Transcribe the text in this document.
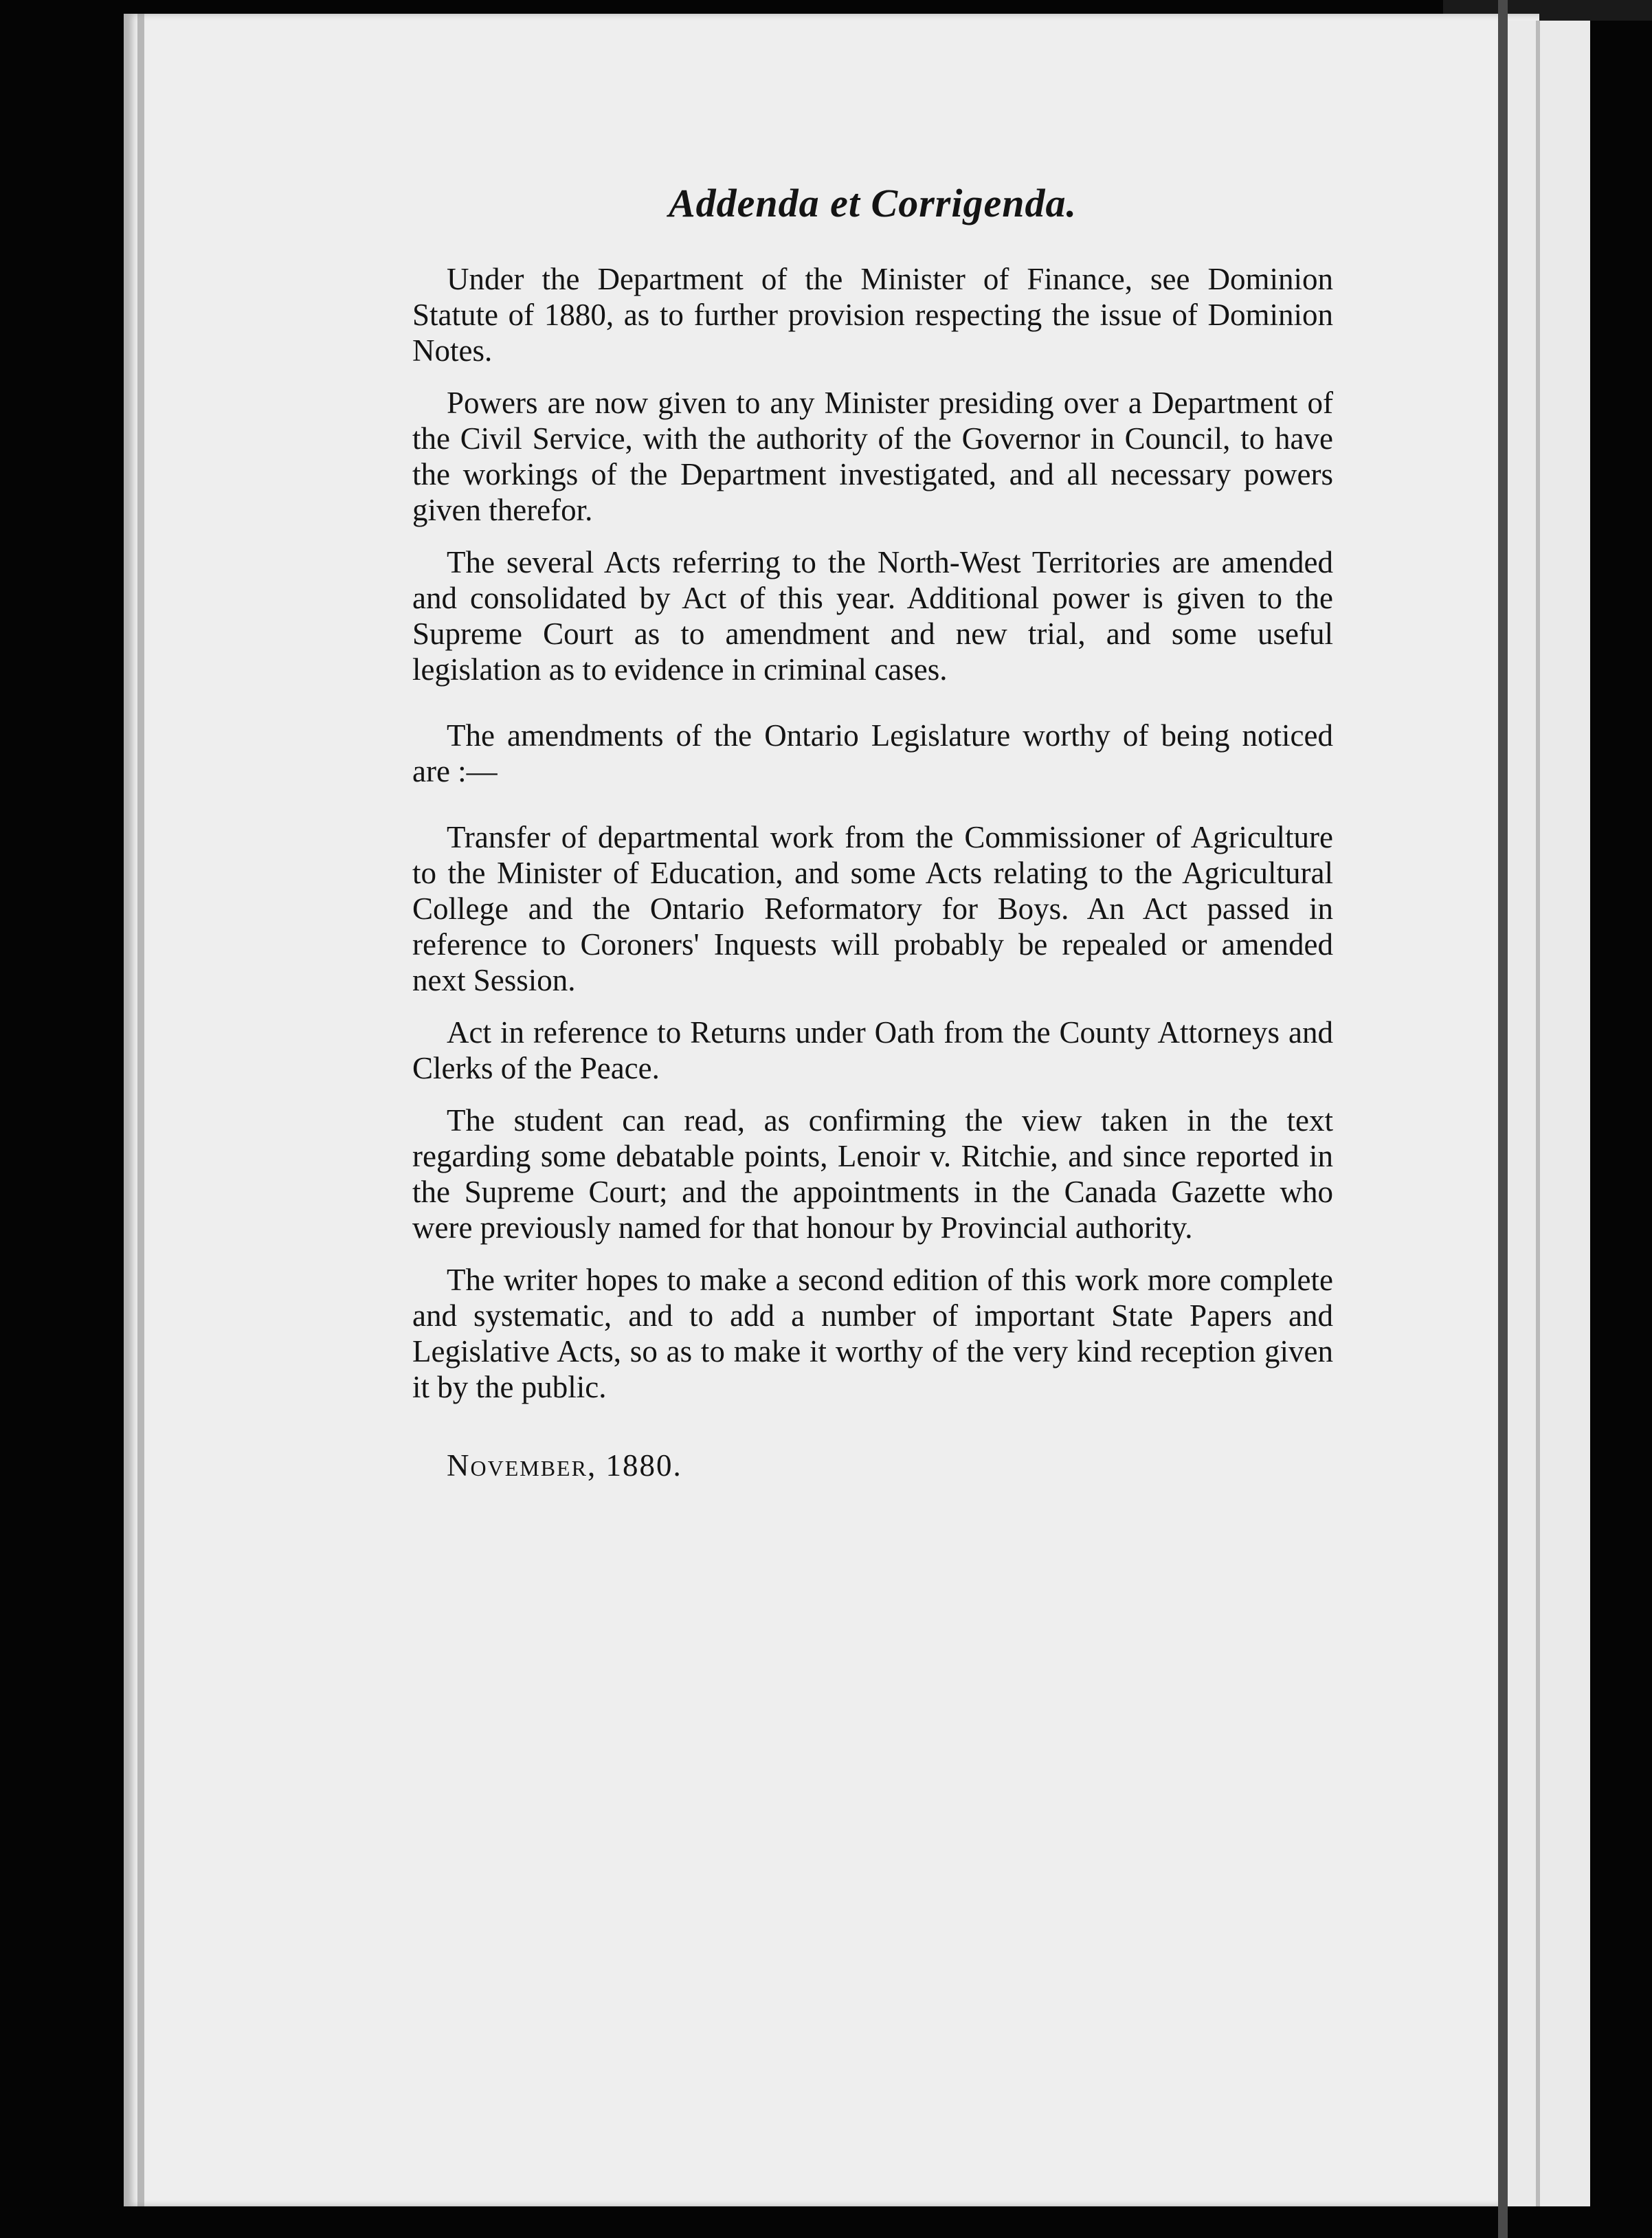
Addenda et Corrigenda.

Under the Department of the Minister of Finance, see Dominion Statute of 1880, as to further provision respecting the issue of Dominion Notes.

Powers are now given to any Minister presiding over a Department of the Civil Service, with the authority of the Governor in Council, to have the workings of the Department investigated, and all necessary powers given therefor.

The several Acts referring to the North-West Territories are amended and consolidated by Act of this year. Additional power is given to the Supreme Court as to amendment and new trial, and some useful legislation as to evidence in criminal cases.

The amendments of the Ontario Legislature worthy of being noticed are :—

Transfer of departmental work from the Commissioner of Agriculture to the Minister of Education, and some Acts relating to the Agricultural College and the Ontario Reformatory for Boys. An Act passed in reference to Coroners' Inquests will probably be repealed or amended next Session.

Act in reference to Returns under Oath from the County Attorneys and Clerks of the Peace.

The student can read, as confirming the view taken in the text regarding some debatable points, Lenoir v. Ritchie, and since reported in the Supreme Court; and the appointments in the Canada Gazette who were previously named for that honour by Provincial authority.

The writer hopes to make a second edition of this work more complete and systematic, and to add a number of important State Papers and Legislative Acts, so as to make it worthy of the very kind reception given it by the public.

November, 1880.
